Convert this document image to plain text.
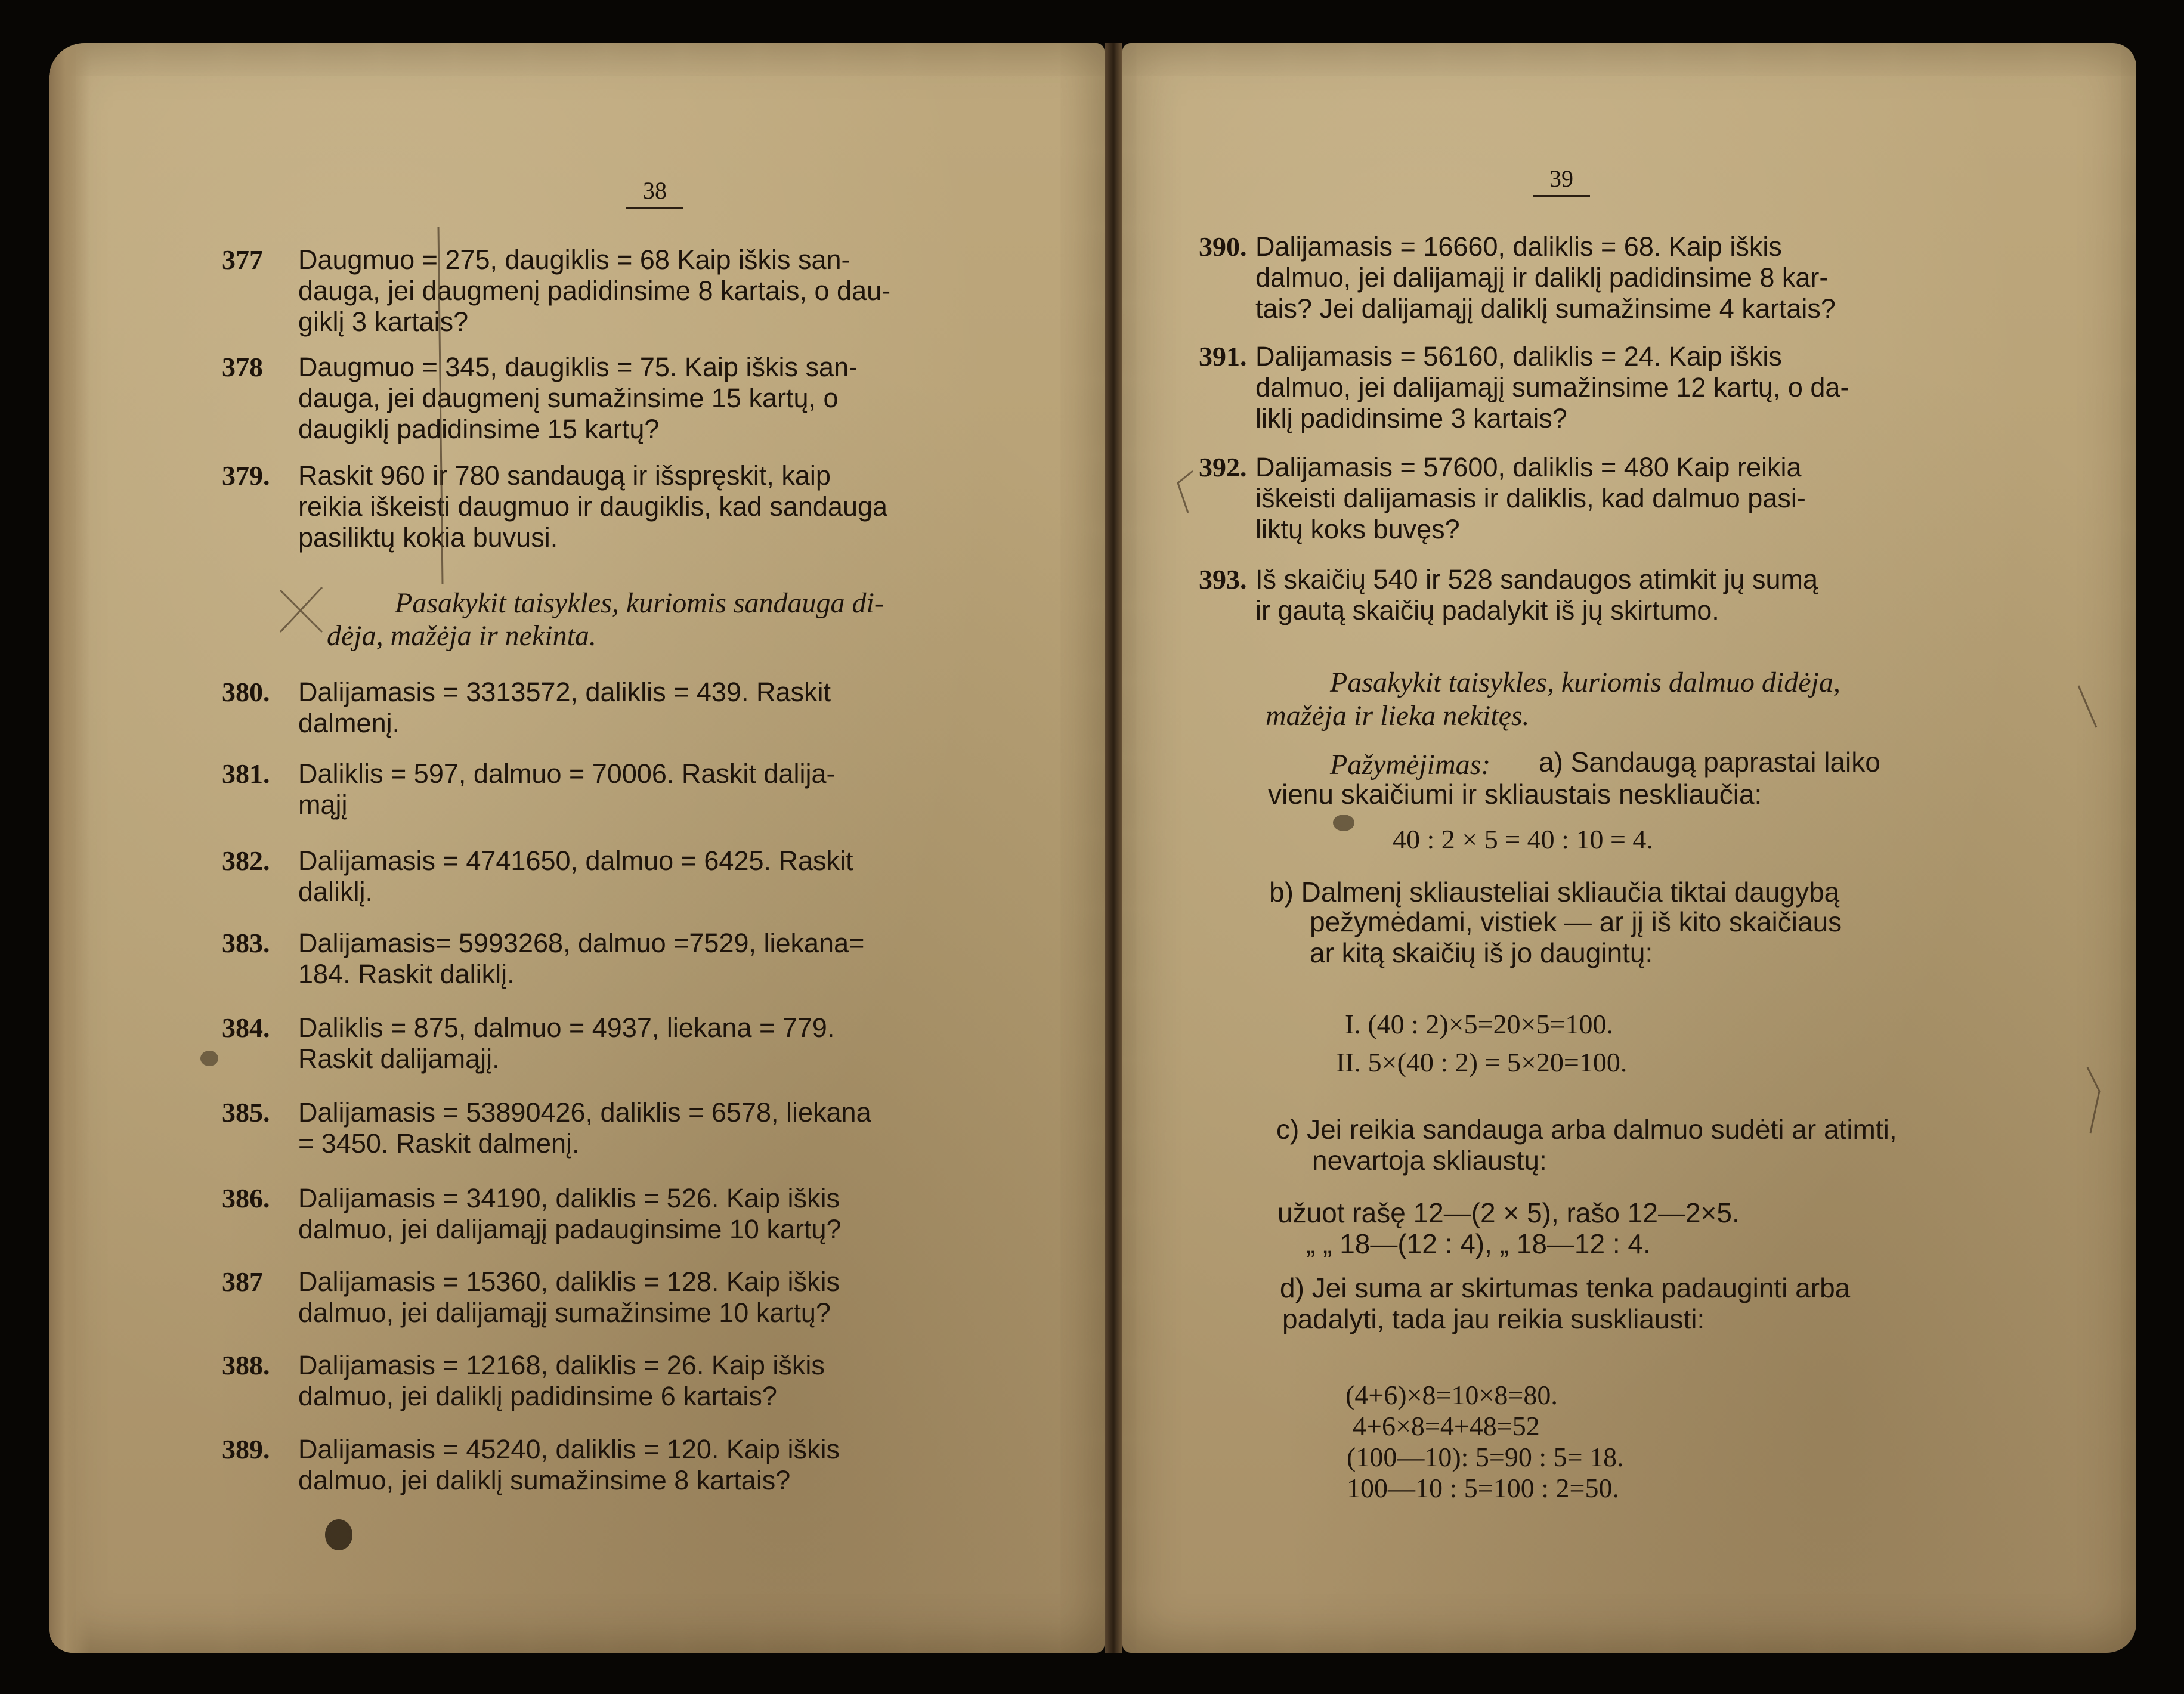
38
377 Daugmuo = 275, daugiklis = 68 Kaip iškis san-
dauga, jei daugmenį padidinsime 8 kartais, o dau-
giklį 3 kartais?
378 Daugmuo = 345, daugiklis = 75. Kaip iškis san-
dauga, jei daugmenį sumažinsime 15 kartų, o
daugiklį padidinsime 15 kartų?
379. Raskit 960 ir 780 sandaugą ir išspręskit, kaip
reikia iškeisti daugmuo ir daugiklis, kad sandauga
pasiliktų kokia buvusi.
Pasakykit taisykles, kuriomis sandauga di-
dėja, mažėja ir nekinta.
380. Dalijamasis = 3313572, daliklis = 439. Raskit
dalmenį.
381. Daliklis = 597, dalmuo = 70006. Raskit dalija-
mąjį
382. Dalijamasis = 4741650, dalmuo = 6425. Raskit
daliklį.
383. Dalijamasis= 5993268, dalmuo =7529, liekana=
184. Raskit daliklį.
384. Daliklis = 875, dalmuo = 4937, liekana = 779.
Raskit dalijamąjį.
385. Dalijamasis = 53890426, daliklis = 6578, liekana
= 3450. Raskit dalmenį.
386. Dalijamasis = 34190, daliklis = 526. Kaip iškis
dalmuo, jei dalijamąjį padauginsime 10 kartų?
387 Dalijamasis = 15360, daliklis = 128. Kaip iškis
dalmuo, jei dalijamąjį sumažinsime 10 kartų?
388. Dalijamasis = 12168, daliklis = 26. Kaip iškis
dalmuo, jei daliklį padidinsime 6 kartais?
389. Dalijamasis = 45240, daliklis = 120. Kaip iškis
dalmuo, jei daliklį sumažinsime 8 kartais?
39
390. Dalijamasis = 16660, daliklis = 68. Kaip iškis
dalmuo, jei dalijamąjį ir daliklį padidinsime 8 kar-
tais? Jei dalijamąjį daliklį sumažinsime 4 kartais?
391. Dalijamasis = 56160, daliklis = 24. Kaip iškis
dalmuo, jei dalijamąjį sumažinsime 12 kartų, o da-
liklį padidinsime 3 kartais?
392. Dalijamasis = 57600, daliklis = 480 Kaip reikia
iškeisti dalijamasis ir daliklis, kad dalmuo pasi-
liktų koks buvęs?
393. Iš skaičių 540 ir 528 sandaugos atimkit jų sumą
ir gautą skaičių padalykit iš jų skirtumo.
Pasakykit taisykles, kuriomis dalmuo didėja,
mažėja ir lieka nekitęs.
Pažymėjimas: a) Sandaugą paprastai laiko
vienu skaičiumi ir skliaustais neskliaučia:
40 : 2 × 5 = 40 : 10 = 4.
b) Dalmenį skliausteliai skliaučia tiktai daugybą
pežymėdami, vistiek — ar jį iš kito skaičiaus
ar kitą skaičių iš jo daugintų:
I. (40 : 2)×5=20×5=100.
II. 5×(40 : 2) = 5×20=100.
c) Jei reikia sandauga arba dalmuo sudėti ar atimti,
nevartoja skliaustų:
užuot rašę 12—(2 × 5), rašo 12—2×5.
„ „ 18—(12 : 4), „ 18—12 : 4.
d) Jei suma ar skirtumas tenka padauginti arba
padalyti, tada jau reikia suskliausti:
(4+6)×8=10×8=80.
4+6×8=4+48=52
(100—10): 5=90 : 5= 18.
100—10 : 5=100 : 2=50.
